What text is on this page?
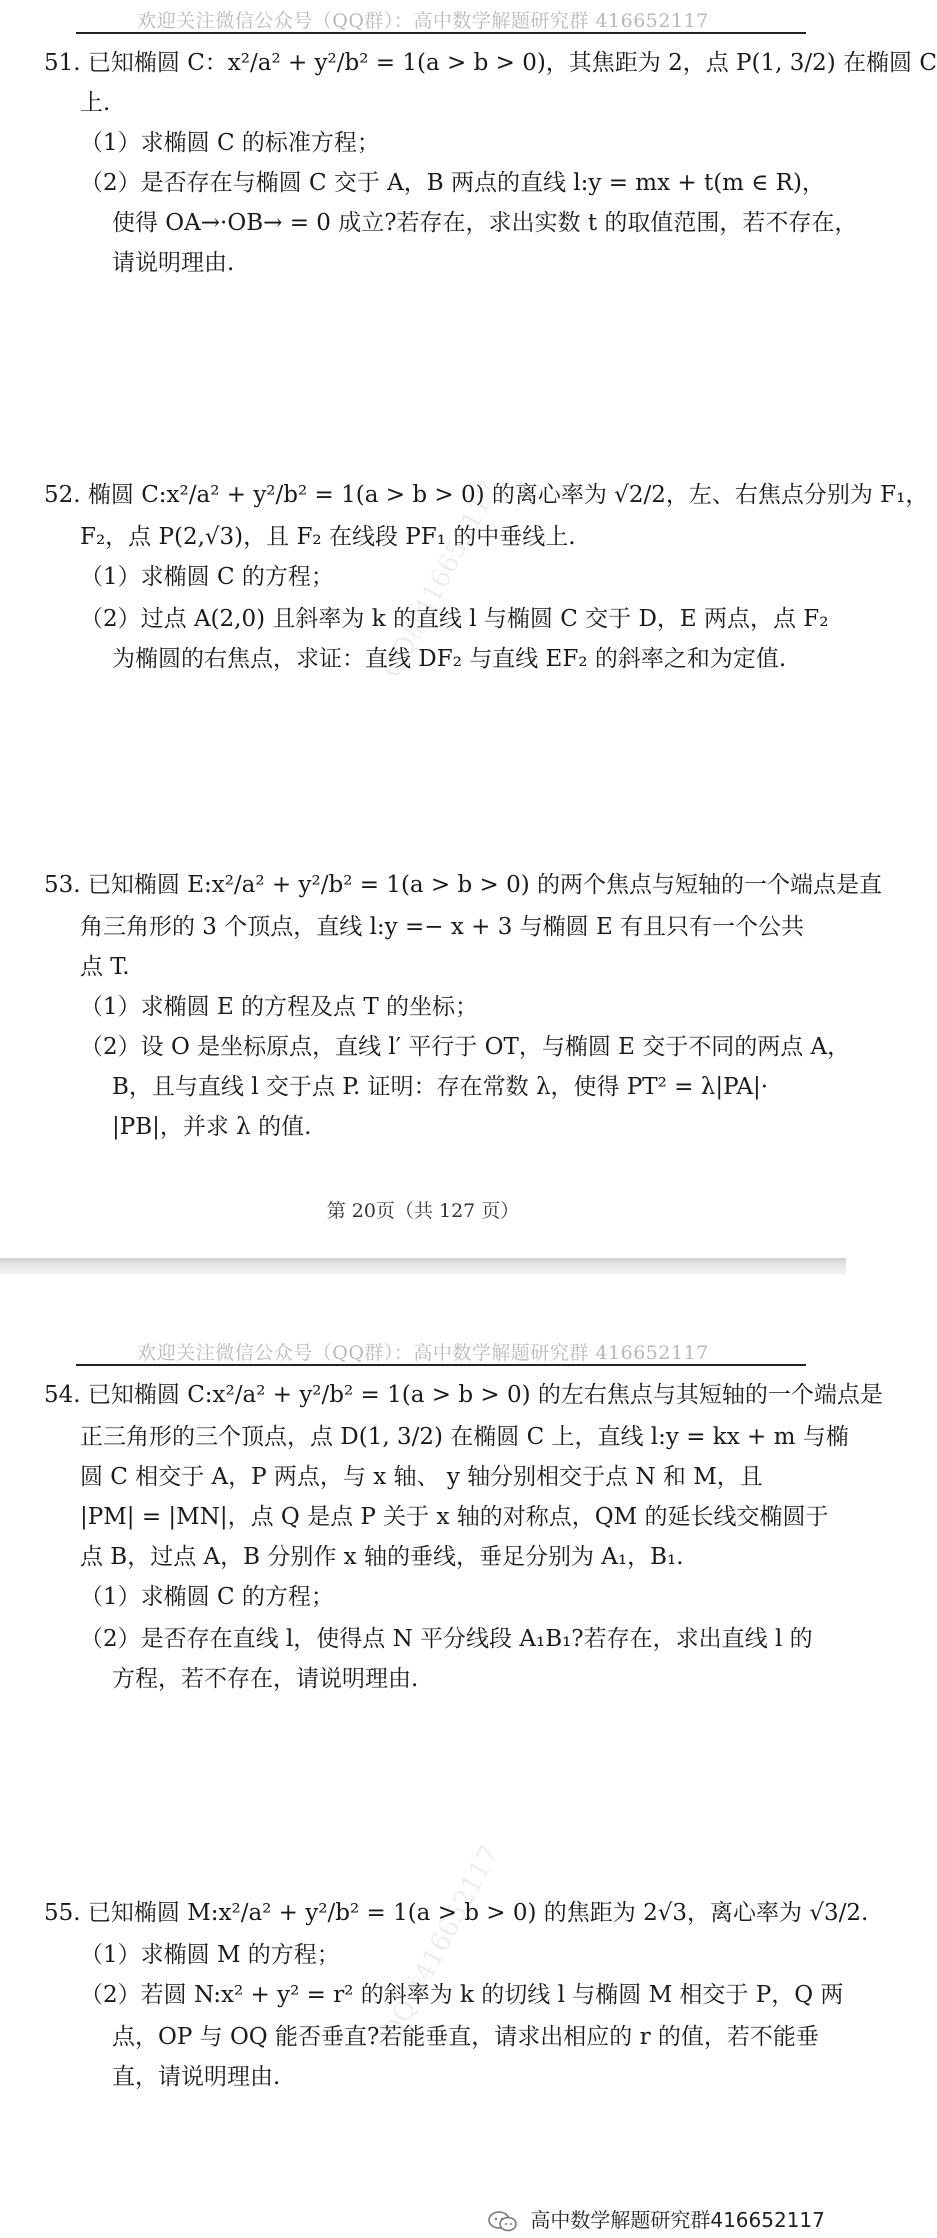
欢迎关注微信公众号（QQ群）：高中数学解题研究群 416652117
QQ群416652117
51. 已知椭圆 C：x²/a² + y²/b² = 1(a > b > 0)，其焦距为 2，点 P(1, 3/2) 在椭圆 C
上.
（1）求椭圆 C 的标准方程；
（2）是否存在与椭圆 C 交于 A，B 两点的直线 l:y = mx + t(m ∈ R)，
使得 OA→·OB→ = 0 成立?若存在，求出实数 t 的取值范围，若不存在，
请说明理由.
52. 椭圆 C:x²/a² + y²/b² = 1(a > b > 0) 的离心率为 √2/2，左、右焦点分别为 F₁，
F₂，点 P(2,√3)，且 F₂ 在线段 PF₁ 的中垂线上.
（1）求椭圆 C 的方程；
（2）过点 A(2,0) 且斜率为 k 的直线 l 与椭圆 C 交于 D，E 两点，点 F₂
为椭圆的右焦点，求证：直线 DF₂ 与直线 EF₂ 的斜率之和为定值.
53. 已知椭圆 E:x²/a² + y²/b² = 1(a > b > 0) 的两个焦点与短轴的一个端点是直
角三角形的 3 个顶点，直线 l:y =− x + 3 与椭圆 E 有且只有一个公共
点 T.
（1）求椭圆 E 的方程及点 T 的坐标；
（2）设 O 是坐标原点，直线 l′ 平行于 OT，与椭圆 E 交于不同的两点 A，
B，且与直线 l 交于点 P. 证明：存在常数 λ，使得 PT² = λ|PA|·
|PB|，并求 λ 的值.
第 20页（共 127 页）
欢迎关注微信公众号（QQ群）：高中数学解题研究群 416652117
QQ群416652117
54. 已知椭圆 C:x²/a² + y²/b² = 1(a > b > 0) 的左右焦点与其短轴的一个端点是
正三角形的三个顶点，点 D(1, 3/2) 在椭圆 C 上，直线 l:y = kx + m 与椭
圆 C 相交于 A，P 两点，与 x 轴、 y 轴分别相交于点 N 和 M，且
|PM| = |MN|，点 Q 是点 P 关于 x 轴的对称点，QM 的延长线交椭圆于
点 B，过点 A，B 分别作 x 轴的垂线，垂足分别为 A₁，B₁.
（1）求椭圆 C 的方程；
（2）是否存在直线 l，使得点 N 平分线段 A₁B₁?若存在，求出直线 l 的
方程，若不存在，请说明理由.
55. 已知椭圆 M:x²/a² + y²/b² = 1(a > b > 0) 的焦距为 2√3，离心率为 √3/2.
（1）求椭圆 M 的方程；
（2）若圆 N:x² + y² = r² 的斜率为 k 的切线 l 与椭圆 M 相交于 P，Q 两
点，OP 与 OQ 能否垂直?若能垂直，请求出相应的 r 的值，若不能垂
直，请说明理由.
高中数学解题研究群416652117
